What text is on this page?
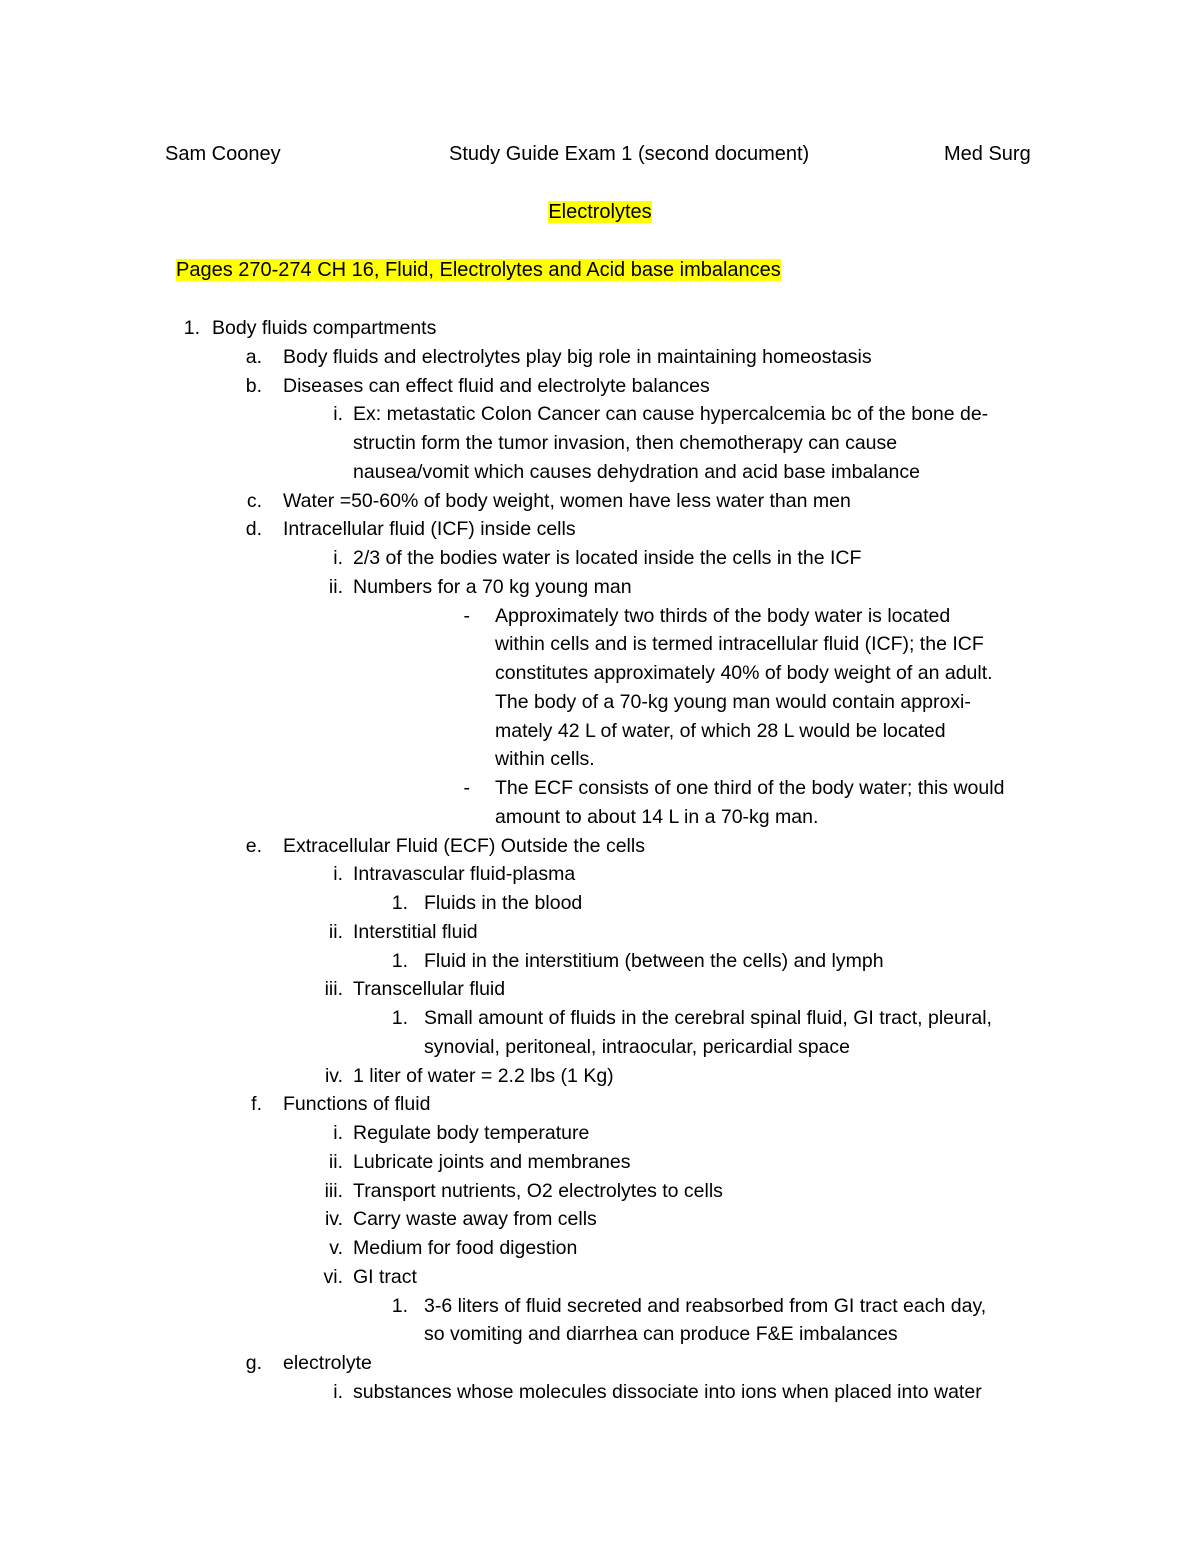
Sam Cooney	Study Guide Exam 1 (second document)	Med Surg
Electrolytes
Pages 270-274 CH 16, Fluid, Electrolytes and Acid base imbalances
1. Body fluids compartments
a. Body fluids and electrolytes play big role in maintaining homeostasis
b. Diseases can effect fluid and electrolyte balances
i. Ex: metastatic Colon Cancer can cause hypercalcemia bc of the bone de-
structin form the tumor invasion, then chemotherapy can cause
nausea/vomit which causes dehydration and acid base imbalance
c. Water =50-60% of body weight, women have less water than men
d. Intracellular fluid (ICF) inside cells
i. 2/3 of the bodies water is located inside the cells in the ICF
ii. Numbers for a 70 kg young man
- Approximately two thirds of the body water is located
within cells and is termed intracellular fluid (ICF); the ICF
constitutes approximately 40% of body weight of an adult.
The body of a 70-kg young man would contain approxi-
mately 42 L of water, of which 28 L would be located
within cells.
- The ECF consists of one third of the body water; this would
amount to about 14 L in a 70-kg man.
e. Extracellular Fluid (ECF) Outside the cells
i. Intravascular fluid-plasma
1. Fluids in the blood
ii. Interstitial fluid
1. Fluid in the interstitium (between the cells) and lymph
iii. Transcellular fluid
1. Small amount of fluids in the cerebral spinal fluid, GI tract, pleural,
synovial, peritoneal, intraocular, pericardial space
iv. 1 liter of water = 2.2 lbs (1 Kg)
f. Functions of fluid
i. Regulate body temperature
ii. Lubricate joints and membranes
iii. Transport nutrients, O2 electrolytes to cells
iv. Carry waste away from cells
v. Medium for food digestion
vi. GI tract
1. 3-6 liters of fluid secreted and reabsorbed from GI tract each day,
so vomiting and diarrhea can produce F&E imbalances
g. electrolyte
i. substances whose molecules dissociate into ions when placed into water
